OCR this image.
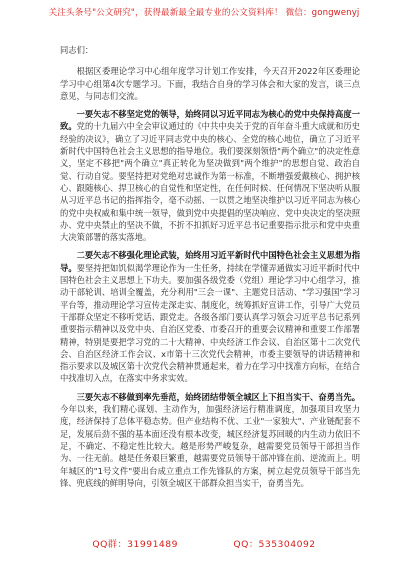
关注头条号"公文研究"，获得最新最全最专业的公文资料库！ 微信：gongwenyj

同志们：

根据区委理论学习中心组年度学习计划工作安排，今天召开2022年区委理论学习中心组第4次专题学习。下面，我结合自身的学习体会和大家的发言，谈三点意见，与同志们交流。

一要矢志不移坚定党的领导，始终同以习近平同志为核心的党中央保持高度一致。党的十九届六中全会审议通过的《中共中央关于党的百年奋斗重大成就和历史经验的决议》，确立了习近平同志党中央的核心、全党的核心地位，确立了习近平新时代中国特色社会主义思想的指导地位。我们要深刻领悟"两个确立"的决定性意义，坚定不移把"两个确立"真正转化为坚决做到"两个维护"的思想自觉、政治自觉、行动自觉。要坚持把对党绝对忠诚作为第一标准，不断增强爱戴核心、拥护核心、跟随核心、捍卫核心的自觉性和坚定性，在任何时候、任何情况下坚决听从服从习近平总书记的指挥指令，毫不动摇、一以贯之地坚决维护以习近平同志为核心的党中央权威和集中统一领导，做到党中央提倡的坚决响应、党中央决定的坚决照办、党中央禁止的坚决不做，不折不扣抓好习近平总书记重要指示批示和党中央重大决策部署的落实落地。

二要矢志不移强化理论武装，始终用习近平新时代中国特色社会主义思想为指导。要坚持把如饥似渴学理论作为一生任务，持续在学懂弄通做实习近平新时代中国特色社会主义思想上下功夫。要加强各级党委（党组）理论学习中心组学习，推动干部轮训、培训全覆盖，充分利用"三会一课"、主题党日活动、"学习强国"学习平台等，推动理论学习宣传走深走实、制度化，统筹抓好宣讲工作，引导广大党员干部群众坚定不移听党话、跟党走。各级各部门要认真学习领会习近平总书记系列重要指示精神以及党中央、自治区党委、市委召开的重要会议精神和重要工作部署精神，特别是要把学习党的二十大精神、中央经济工作会议、自治区第十二次党代会、自治区经济工作会议、x市第十三次党代会精神，市委主要领导的讲话精神和指示要求以及城区第十次党代会精神贯通起来，着力在学习中找准方向标，在结合中找准切入点，在落实中务求实效。

三要矢志不移做到率先垂范，始终团结带领全城区上下担当实干、奋勇当先。今年以来，我们精心谋划、主动作为，加强经济运行精准调度，加强项目攻坚力度，经济保持了总体平稳态势。但产业结构不优、工业"一家独大"、产业链配套不足，发展后劲不强的基本面还没有根本改变，城区经济复苏回暖的内生动力依旧不足，不确定、不稳定性比较大。越是形势严峻复杂，越需要党员领导干部担当作为、一往无前。越是任务艰巨繁重，越需要党员领导干部冲锋在前、逆流而上。明年城区的"1号文件"要出台成立重点工作先锋队的方案，树立起党员领导干部当先锋、兜底线的鲜明导向，引领全城区干部群众担当实干，奋勇当先。

QQ群：31991489	QQ：535304092
